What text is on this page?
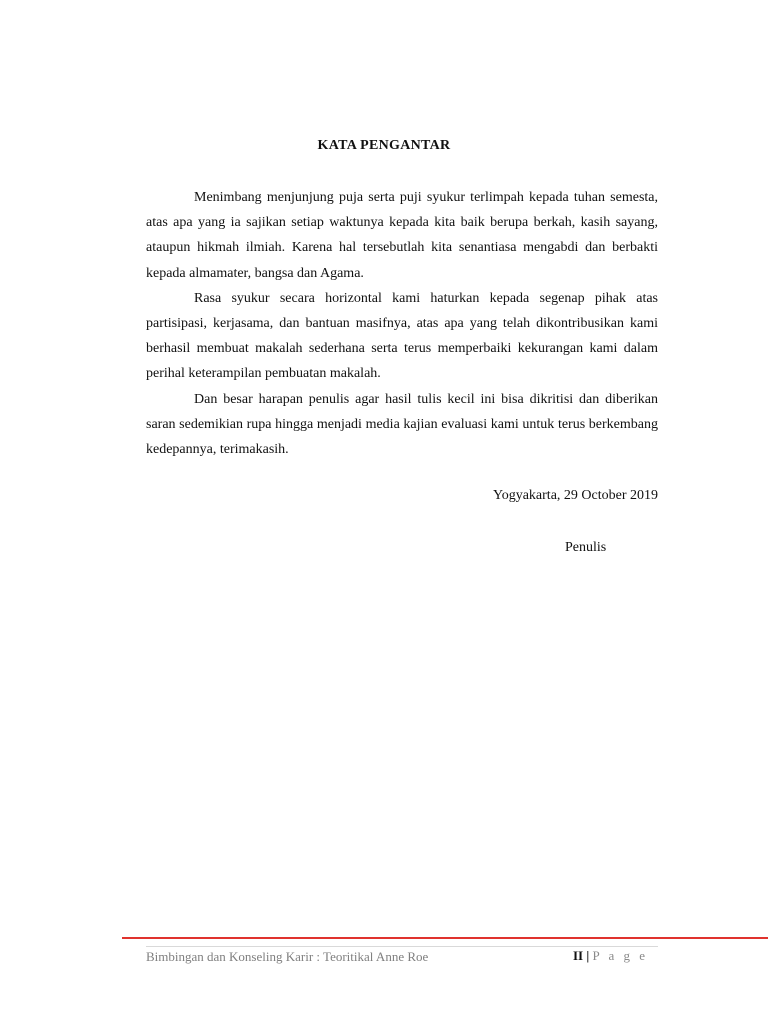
KATA PENGANTAR

Menimbang menjunjung puja serta puji syukur terlimpah kepada tuhan semesta, atas apa yang ia sajikan setiap waktunya kepada kita baik berupa berkah, kasih sayang, ataupun hikmah ilmiah. Karena hal tersebutlah kita senantiasa mengabdi dan berbakti kepada almamater, bangsa dan Agama.

Rasa syukur secara horizontal kami haturkan kepada segenap pihak atas partisipasi, kerjasama, dan bantuan masifnya, atas apa yang telah dikontribusikan kami berhasil membuat makalah sederhana serta terus memperbaiki kekurangan kami dalam perihal keterampilan pembuatan makalah.

Dan besar harapan penulis agar hasil tulis kecil ini bisa dikritisi dan diberikan saran sedemikian rupa hingga menjadi media kajian evaluasi kami untuk terus berkembang kedepannya, terimakasih.

Yogyakarta, 29 October 2019
Penulis
Bimbingan dan Konseling Karir : Teoritikal Anne Roe	II | P a g e
